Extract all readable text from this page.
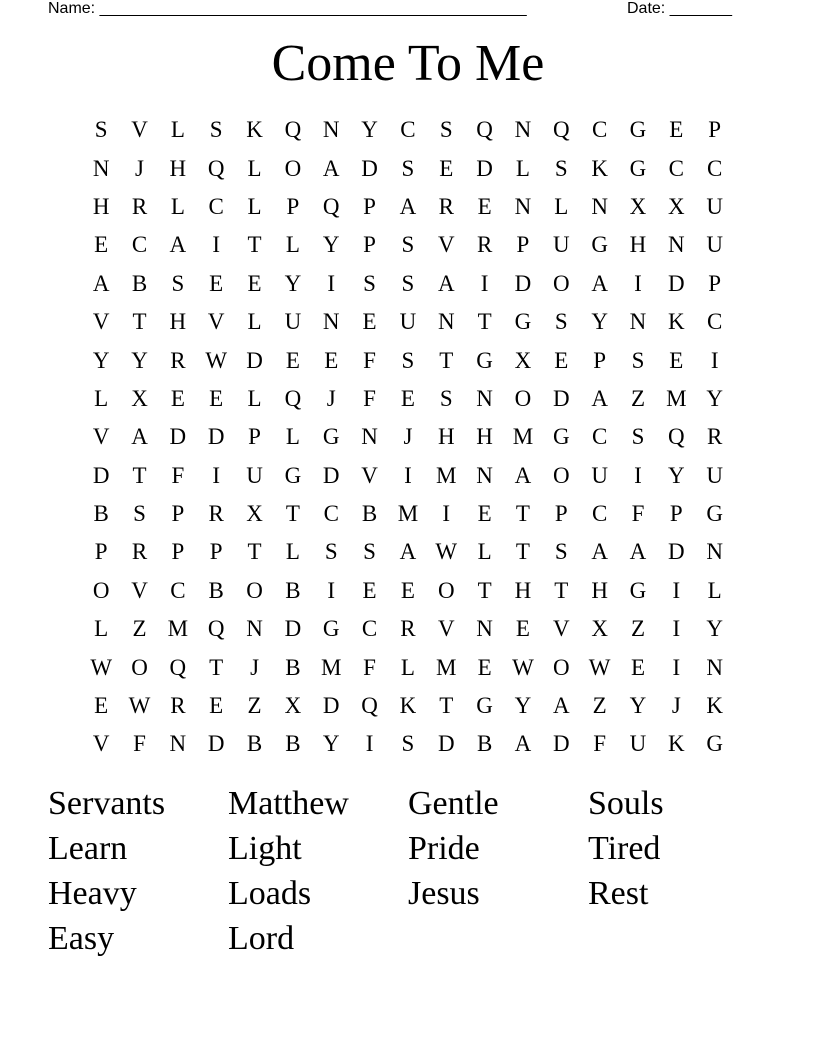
Name: ________________________________________________	Date: _______
Come To Me
S	V	L	S	K Q N Y C	S	Q N Q C G	E	P
N	J	H Q	L	O A D	S	E	D	L	S	K G C	C
H R	L	C	L	P	Q	P	A R	E	N	L	N X X U
E	C A	I	T	L	Y	P	S	V R	P	U G H N U
A B	S	E	E	Y	I	S	S	A	I	D O A	I	D	P
V	T	H V	L	U N	E	U N	T	G	S	Y N K C
Y Y R W D	E	E	F	S	T	G X	E	P	S	E	I
L	X	E	E	L	Q	J	F	E	S	N O D A	Z M Y
V A D D	P	L	G N	J	H H M G C	S	Q R
D	T	F	I	U G D V	I	M N A O U	I	Y U
B	S	P	R X	T	C	B M	I	E	T	P	C	F	P	G
P	R	P	P	T	L	S	S	A W L	T	S	A A D N
O V C	B O B	I	E	E	O	T	H	T	H G	I	L
L	Z M Q N D G C	R V N	E	V X	Z	I	Y
W O Q	T	J	B M F	L M E W O W E	I	N
E W R	E	Z	X D Q K	T	G Y A	Z	Y	J	K
V	F	N D B	B Y	I	S	D B A D	F	U K G
Servants	Matthew	Gentle	Souls
Learn	Light	Pride	Tired
Heavy	Loads	Jesus	Rest
Easy	Lord
